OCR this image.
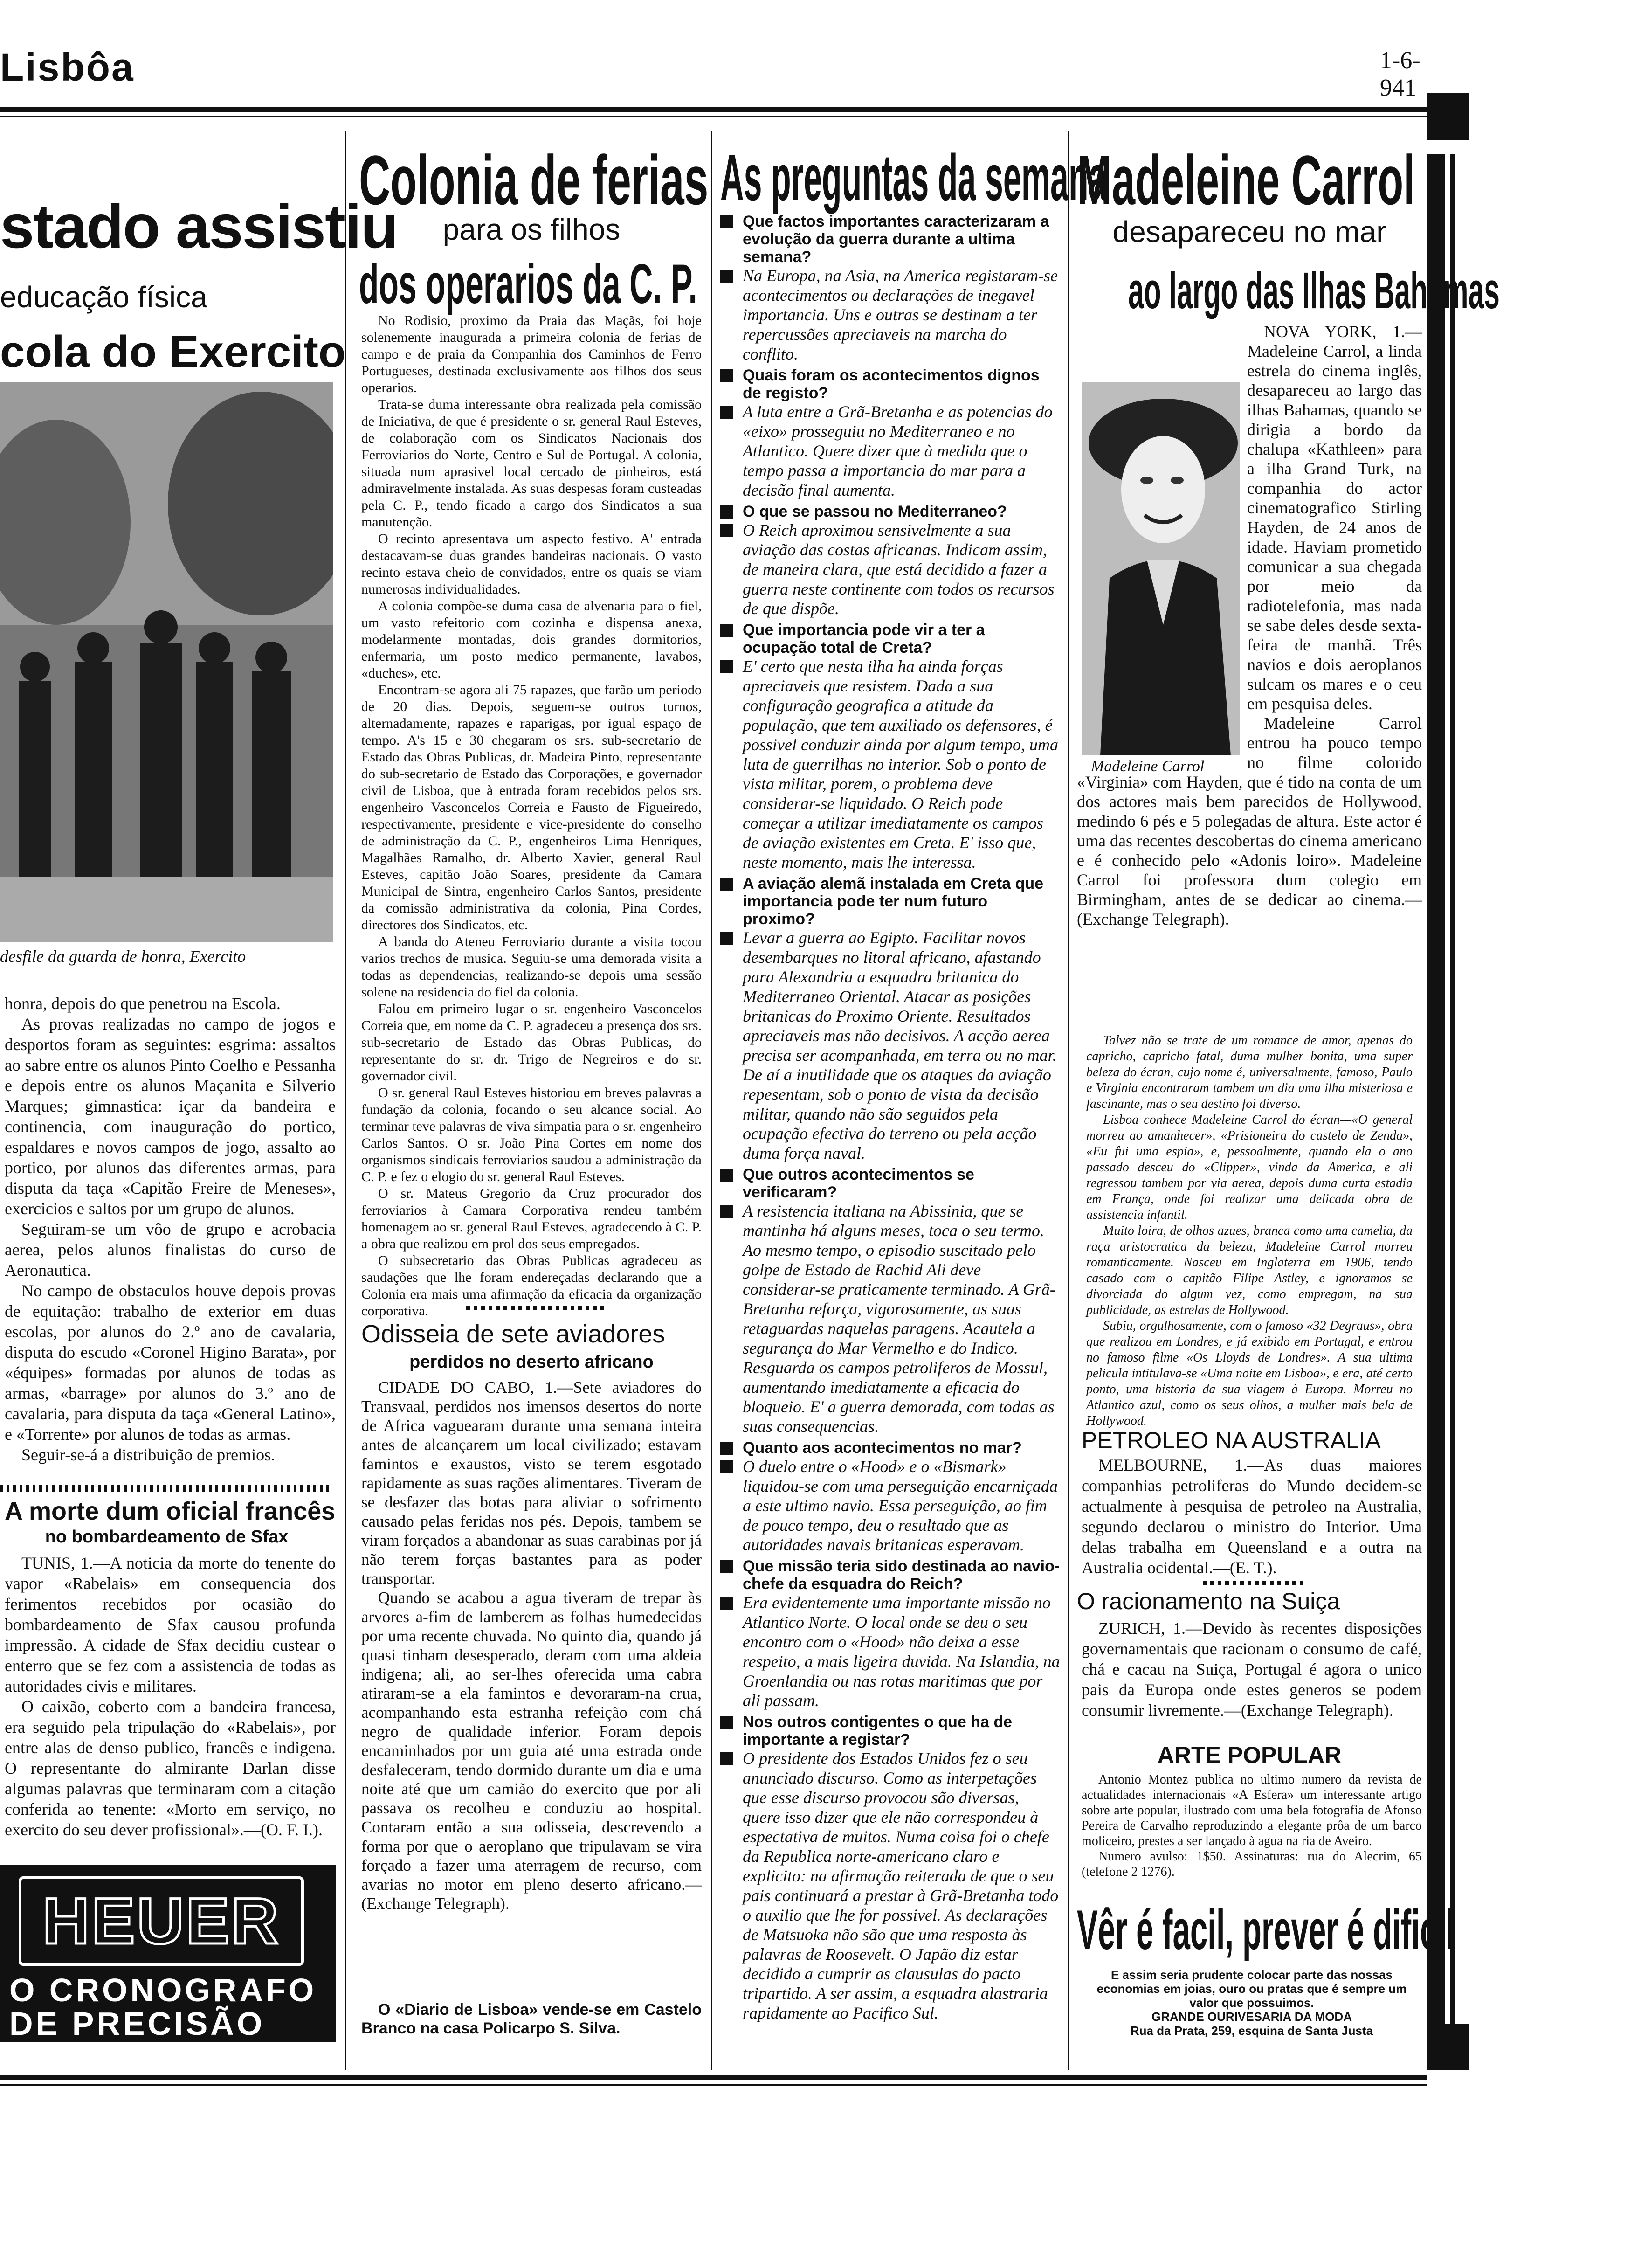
Lisbôa	1-6-941
stado assistiu
educação física
cola do Exercito
desfile da guarda de honra, Exercito

honra, depois do que penetrou na Escola.

As provas realizadas no campo de jogos e desportos foram as seguintes: esgrima: assaltos ao sabre entre os alunos Pinto Coelho e Pessanha e depois entre os alunos Maçanita e Silverio Marques; gimnastica: içar da bandeira e continencia, com inauguração do portico, espaldares e novos campos de jogo, assalto ao portico, por alunos das diferentes armas, para disputa da taça «Capitão Freire de Meneses», exercicios e saltos por um grupo de alunos.

Seguiram-se um vôo de grupo e acrobacia aerea, pelos alunos finalistas do curso de Aeronautica.

No campo de obstaculos houve depois provas de equitação: trabalho de exterior em duas escolas, por alunos do 2.º ano de cavalaria, disputa do escudo «Coronel Higino Barata», por «équipes» formadas por alunos de todas as armas, «barrage» por alunos do 3.º ano de cavalaria, para disputa da taça «General Latino», e «Torrente» por alunos de todas as armas.

Seguir-se-á a distribuição de premios.

A morte dum oficial francês
no bombardeamento de Sfax

TUNIS, 1.—A noticia da morte do tenente do vapor «Rabelais» em consequencia dos ferimentos recebidos por ocasião do bombardeamento de Sfax causou profunda impressão. A cidade de Sfax decidiu custear o enterro que se fez com a assistencia de todas as autoridades civis e militares.

O caixão, coberto com a bandeira francesa, era seguido pela tripulação do «Rabelais», por entre alas de denso publico, francês e indigena. O representante do almirante Darlan disse algumas palavras que terminaram com a citação conferida ao tenente: «Morto em serviço, no exercito do seu dever profissional».—(O. F. I.).

HEUER
O CRONOGRAFO
DE PRECISÃO
Colonia de ferias
para os filhos
dos operarios da C. P.

No Rodisio, proximo da Praia das Maçãs, foi hoje solenemente inaugurada a primeira colonia de ferias de campo e de praia da Companhia dos Caminhos de Ferro Portugueses, destinada exclusivamente aos filhos dos seus operarios.

Trata-se duma interessante obra realizada pela comissão de Iniciativa, de que é presidente o sr. general Raul Esteves, de colaboração com os Sindicatos Nacionais dos Ferroviarios do Norte, Centro e Sul de Portugal. A colonia, situada num aprasivel local cercado de pinheiros, está admiravelmente instalada. As suas despesas foram custeadas pela C. P., tendo ficado a cargo dos Sindicatos a sua manutenção.

O recinto apresentava um aspecto festivo. A' entrada destacavam-se duas grandes bandeiras nacionais. O vasto recinto estava cheio de convidados, entre os quais se viam numerosas individualidades.

A colonia compõe-se duma casa de alvenaria para o fiel, um vasto refeitorio com cozinha e dispensa anexa, modelarmente montadas, dois grandes dormitorios, enfermaria, um posto medico permanente, lavabos, «duches», etc.

Encontram-se agora ali 75 rapazes, que farão um periodo de 20 dias. Depois, seguem-se outros turnos, alternadamente, rapazes e raparigas, por igual espaço de tempo. A's 15 e 30 chegaram os srs. sub-secretario de Estado das Obras Publicas, dr. Madeira Pinto, representante do sub-secretario de Estado das Corporações, e governador civil de Lisboa, que à entrada foram recebidos pelos srs. engenheiro Vasconcelos Correia e Fausto de Figueiredo, respectivamente, presidente e vice-presidente do conselho de administração da C. P., engenheiros Lima Henriques, Magalhães Ramalho, dr. Alberto Xavier, general Raul Esteves, capitão João Soares, presidente da Camara Municipal de Sintra, engenheiro Carlos Santos, presidente da comissão administrativa da colonia, Pina Cordes, directores dos Sindicatos, etc.

A banda do Ateneu Ferroviario durante a visita tocou varios trechos de musica. Seguiu-se uma demorada visita a todas as dependencias, realizando-se depois uma sessão solene na residencia do fiel da colonia.

Falou em primeiro lugar o sr. engenheiro Vasconcelos Correia que, em nome da C. P. agradeceu a presença dos srs. sub-secretario de Estado das Obras Publicas, do representante do sr. dr. Trigo de Negreiros e do sr. governador civil.

O sr. general Raul Esteves historiou em breves palavras a fundação da colonia, focando o seu alcance social. Ao terminar teve palavras de viva simpatia para o sr. engenheiro Carlos Santos. O sr. João Pina Cortes em nome dos organismos sindicais ferroviarios saudou a administração da C. P. e fez o elogio do sr. general Raul Esteves.

O sr. Mateus Gregorio da Cruz procurador dos ferroviarios à Camara Corporativa rendeu também homenagem ao sr. general Raul Esteves, agradecendo à C. P. a obra que realizou em prol dos seus empregados.

O subsecretario das Obras Publicas agradeceu as saudações que lhe foram endereçadas declarando que a Colonia era mais uma afirmação da eficacia da organização corporativa.

Odisseia de sete aviadores
perdidos no deserto africano

CIDADE DO CABO, 1.—Sete aviadores do Transvaal, perdidos nos imensos desertos do norte de Africa vaguearam durante uma semana inteira antes de alcançarem um local civilizado; estavam famintos e exaustos, visto se terem esgotado rapidamente as suas rações alimentares. Tiveram de se desfazer das botas para aliviar o sofrimento causado pelas feridas nos pés. Depois, tambem se viram forçados a abandonar as suas carabinas por já não terem forças bastantes para as poder transportar.

Quando se acabou a agua tiveram de trepar às arvores a-fim de lamberem as folhas humedecidas por uma recente chuvada. No quinto dia, quando já quasi tinham desesperado, deram com uma aldeia indigena; ali, ao ser-lhes oferecida uma cabra atiraram-se a ela famintos e devoraram-na crua, acompanhando esta estranha refeição com chá negro de qualidade inferior. Foram depois encaminhados por um guia até uma estrada onde desfaleceram, tendo dormido durante um dia e uma noite até que um camião do exercito que por ali passava os recolheu e conduziu ao hospital. Contaram então a sua odisseia, descrevendo a forma por que o aeroplano que tripulavam se vira forçado a fazer uma aterragem de recurso, com avarias no motor em pleno deserto africano.—(Exchange Telegraph).

O «Diario de Lisboa» vende-se em Castelo Branco na casa Policarpo S. Silva.
As preguntas da semana
Que factos importantes caracterizaram a evolução da guerra durante a ultima semana?
Na Europa, na Asia, na America registaram-se acontecimentos ou declarações de inegavel importancia. Uns e outras se destinam a ter repercussões apreciaveis na marcha do conflito.
Quais foram os acontecimentos dignos de registo?
A luta entre a Grã-Bretanha e as potencias do «eixo» prosseguiu no Mediterraneo e no Atlantico. Quere dizer que à medida que o tempo passa a importancia do mar para a decisão final aumenta.
O que se passou no Mediterraneo?
O Reich aproximou sensivelmente a sua aviação das costas africanas. Indicam assim, de maneira clara, que está decidido a fazer a guerra neste continente com todos os recursos de que dispõe.
Que importancia pode vir a ter a ocupação total de Creta?
E' certo que nesta ilha ha ainda forças apreciaveis que resistem. Dada a sua configuração geografica a atitude da população, que tem auxiliado os defensores, é possivel conduzir ainda por algum tempo, uma luta de guerrilhas no interior. Sob o ponto de vista militar, porem, o problema deve considerar-se liquidado. O Reich pode começar a utilizar imediatamente os campos de aviação existentes em Creta. E' isso que, neste momento, mais lhe interessa.
A aviação alemã instalada em Creta que importancia pode ter num futuro proximo?
Levar a guerra ao Egipto. Facilitar novos desembarques no litoral africano, afastando para Alexandria a esquadra britanica do Mediterraneo Oriental. Atacar as posições britanicas do Proximo Oriente. Resultados apreciaveis mas não decisivos. A acção aerea precisa ser acompanhada, em terra ou no mar. De aí a inutilidade que os ataques da aviação repesentam, sob o ponto de vista da decisão militar, quando não são seguidos pela ocupação efectiva do terreno ou pela acção duma força naval.
Que outros acontecimentos se verificaram?
A resistencia italiana na Abissinia, que se mantinha há alguns meses, toca o seu termo. Ao mesmo tempo, o episodio suscitado pelo golpe de Estado de Rachid Ali deve considerar-se praticamente terminado. A Grã-Bretanha reforça, vigorosamente, as suas retaguardas naquelas paragens. Acautela a segurança do Mar Vermelho e do Indico. Resguarda os campos petroliferos de Mossul, aumentando imediatamente a eficacia do bloqueio. E' a guerra demorada, com todas as suas consequencias.
Quanto aos acontecimentos no mar?
O duelo entre o «Hood» e o «Bismark» liquidou-se com uma perseguição encarniçada a este ultimo navio. Essa perseguição, ao fim de pouco tempo, deu o resultado que as autoridades navais britanicas esperavam.
Que missão teria sido destinada ao navio-chefe da esquadra do Reich?
Era evidentemente uma importante missão no Atlantico Norte. O local onde se deu o seu encontro com o «Hood» não deixa a esse respeito, a mais ligeira duvida. Na Islandia, na Groenlandia ou nas rotas maritimas que por ali passam.
Nos outros contigentes o que ha de importante a registar?
O presidente dos Estados Unidos fez o seu anunciado discurso. Como as interpetações que esse discurso provocou são diversas, quere isso dizer que ele não correspondeu à espectativa de muitos. Numa coisa foi o chefe da Republica norte-americano claro e explicito: na afirmação reiterada de que o seu pais continuará a prestar à Grã-Bretanha todo o auxilio que lhe for possivel. As declarações de Matsuoka não são que uma resposta às palavras de Roosevelt. O Japão diz estar decidido a cumprir as clausulas do pacto tripartido. A ser assim, a esquadra alastraria rapidamente ao Pacifico Sul.
Madeleine Carrol
desapareceu no mar
ao largo das Ilhas Bahamas
Madeleine Carrol

NOVA YORK, 1.—Madeleine Carrol, a linda estrela do cinema inglês, desapareceu ao largo das ilhas Bahamas, quando se dirigia a bordo da chalupa «Kathleen» para a ilha Grand Turk, na companhia do actor cinematografico Stirling Hayden, de 24 anos de idade. Haviam prometido comunicar a sua chegada por meio da radiotelefonia, mas nada se sabe deles desde sexta-feira de manhã. Três navios e dois aeroplanos sulcam os mares e o ceu em pesquisa deles.

Madeleine Carrol entrou ha pouco tempo no filme colorido «Virginia» com Hayden, que é tido na conta de um dos actores mais bem parecidos de Hollywood, medindo 6 pés e 5 polegadas de altura. Este actor é uma das recentes descobertas do cinema americano e é conhecido pelo «Adonis loiro». Madeleine Carrol foi professora dum colegio em Birmingham, antes de se dedicar ao cinema.—(Exchange Telegraph).

Talvez não se trate de um romance de amor, apenas do capricho, capricho fatal, duma mulher bonita, uma super beleza do écran, cujo nome é, universalmente, famoso, Paulo e Virginia encontraram tambem um dia uma ilha misteriosa e fascinante, mas o seu destino foi diverso.

Lisboa conhece Madeleine Carrol do écran—«O general morreu ao amanhecer», «Prisioneira do castelo de Zenda», «Eu fui uma espia», e, pessoalmente, quando ela o ano passado desceu do «Clipper», vinda da America, e ali regressou tambem por via aerea, depois duma curta estadia em França, onde foi realizar uma delicada obra de assistencia infantil.

Muito loira, de olhos azues, branca como uma camelia, da raça aristocratica da beleza, Madeleine Carrol morreu romanticamente. Nasceu em Inglaterra em 1906, tendo casado com o capitão Filipe Astley, e ignoramos se divorciada do algum vez, como empregam, na sua publicidade, as estrelas de Hollywood.

Subiu, orgulhosamente, com o famoso «32 Degraus», obra que realizou em Londres, e já exibido em Portugal, e entrou no famoso filme «Os Lloyds de Londres». A sua ultima pelicula intitulava-se «Uma noite em Lisboa», e era, até certo ponto, uma historia da sua viagem à Europa. Morreu no Atlantico azul, como os seus olhos, a mulher mais bela de Hollywood.

PETROLEO NA AUSTRALIA

MELBOURNE, 1.—As duas maiores companhias petroliferas do Mundo decidem-se actualmente à pesquisa de petroleo na Australia, segundo declarou o ministro do Interior. Uma delas trabalha em Queensland e a outra na Australia ocidental.—(E. T.).

O racionamento na Suiça

ZURICH, 1.—Devido às recentes disposições governamentais que racionam o consumo de café, chá e cacau na Suiça, Portugal é agora o unico pais da Europa onde estes generos se podem consumir livremente.—(Exchange Telegraph).

ARTE POPULAR

Antonio Montez publica no ultimo numero da revista de actualidades internacionais «A Esfera» um interessante artigo sobre arte popular, ilustrado com uma bela fotografia de Afonso Pereira de Carvalho reproduzindo a elegante prôa de um barco moliceiro, prestes a ser lançado à agua na ria de Aveiro.

Numero avulso: 1$50. Assinaturas: rua do Alecrim, 65 (telefone 2 1276).

Vêr é facil, prever é dificil
E assim seria prudente colocar parte das nossas economias em joias, ouro ou pratas que é sempre um valor que possuimos.
GRANDE OURIVESARIA DA MODA
Rua da Prata, 259, esquina de Santa Justa
